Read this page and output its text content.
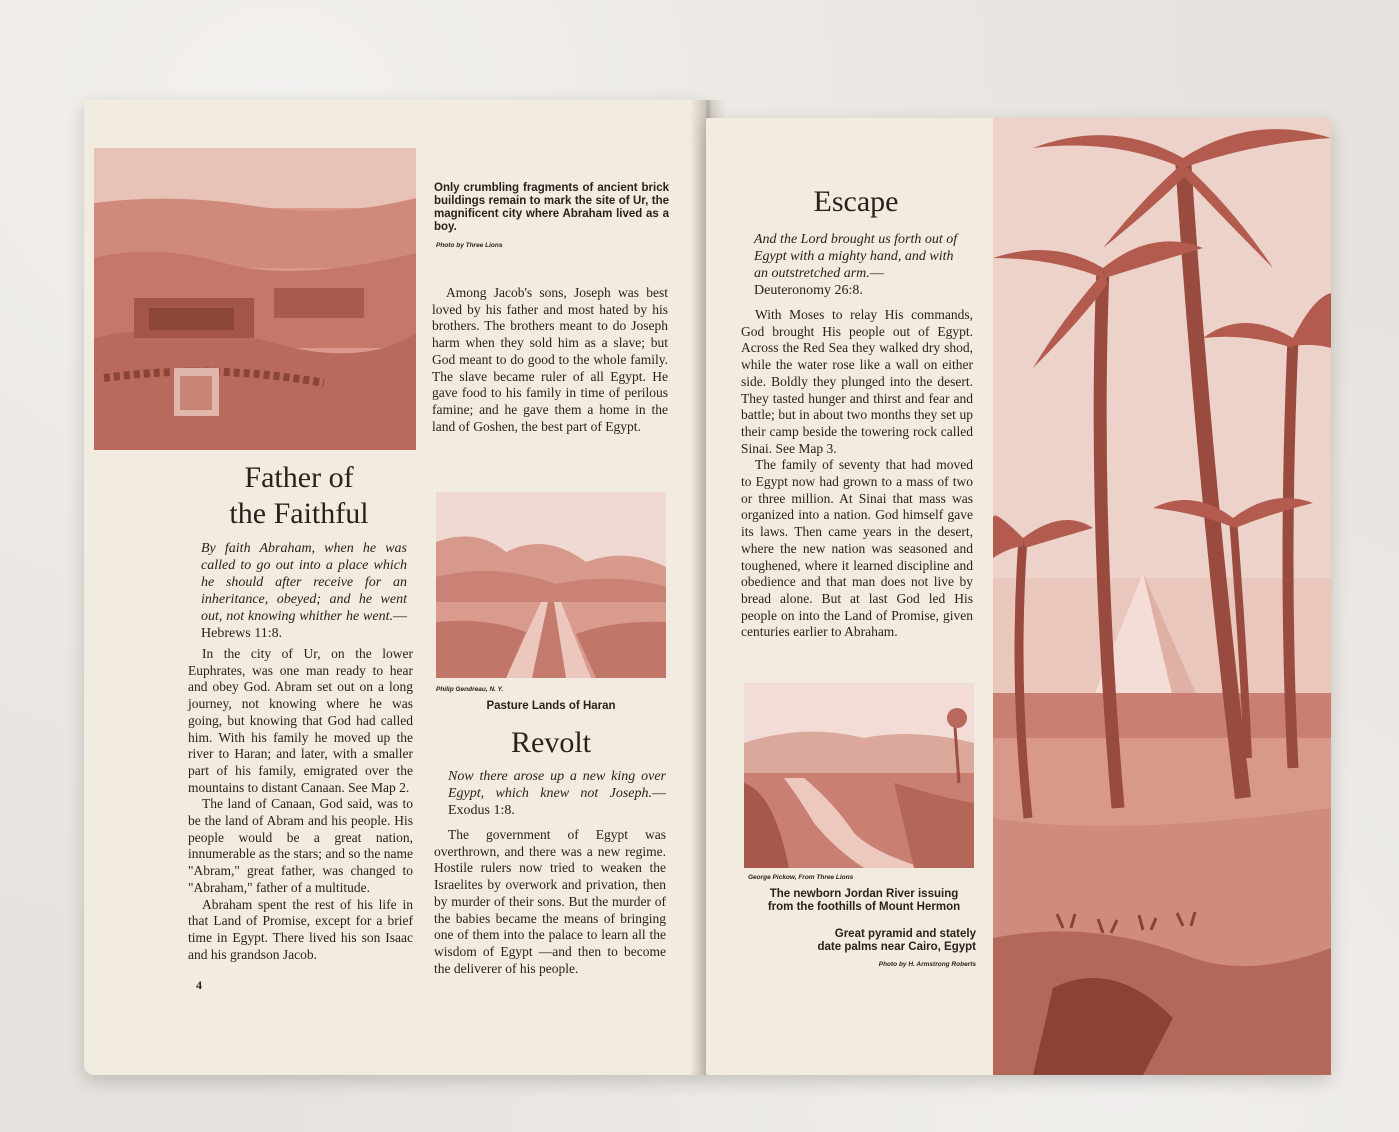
Only crumbling fragments of ancient brick buildings remain to mark the site of Ur, the magnificent city where Abraham lived as a boy.
Photo by Three Lions

Among Jacob's sons, Joseph was best loved by his father and most hated by his brothers. The brothers meant to do Joseph harm when they sold him as a slave; but God meant to do good to the whole family. The slave became ruler of all Egypt. He gave food to his family in time of perilous famine; and he gave them a home in the land of Goshen, the best part of Egypt.

Father of
the Faithful
By faith Abraham, when he was called to go out into a place which he should after receive for an inheritance, obeyed; and he went out, not knowing whither he went.—Hebrews 11:8.

In the city of Ur, on the lower Euphrates, was one man ready to hear and obey God. Abram set out on a long journey, not knowing where he was going, but knowing that God had called him. With his family he moved up the river to Haran; and later, with a smaller part of his family, emigrated over the mountains to distant Canaan. See Map 2.

The land of Canaan, God said, was to be the land of Abram and his people. His people would be a great nation, innumerable as the stars; and so the name "Abram," great father, was changed to "Abraham," father of a multitude.

Abraham spent the rest of his life in that Land of Promise, except for a brief time in Egypt. There lived his son Isaac and his grandson Jacob.

4
Philip Gendreau, N. Y.
Pasture Lands of Haran
Revolt
Now there arose up a new king over Egypt, which knew not Joseph.—Exodus 1:8.

The government of Egypt was overthrown, and there was a new regime. Hostile rulers now tried to weaken the Israelites by overwork and privation, then by murder of their sons. But the murder of the babies became the means of bringing one of them into the palace to learn all the wisdom of Egypt —and then to become the deliverer of his people.

Escape
And the Lord brought us forth out of Egypt with a mighty hand, and with an outstretched arm.—Deuteronomy 26:8.

With Moses to relay His commands, God brought His people out of Egypt. Across the Red Sea they walked dry shod, while the water rose like a wall on either side. Boldly they plunged into the desert. They tasted hunger and thirst and fear and battle; but in about two months they set up their camp beside the towering rock called Sinai. See Map 3.

The family of seventy that had moved to Egypt now had grown to a mass of two or three million. At Sinai that mass was organized into a nation. God himself gave its laws. Then came years in the desert, where the new nation was seasoned and toughened, where it learned discipline and obedience and that man does not live by bread alone. But at last God led His people on into the Land of Promise, given centuries earlier to Abraham.

George Pickow, From Three Lions
The newborn Jordan River issuing from the foothills of Mount Hermon
Great pyramid and stately date palms near Cairo, Egypt
Photo by H. Armstrong Roberts
